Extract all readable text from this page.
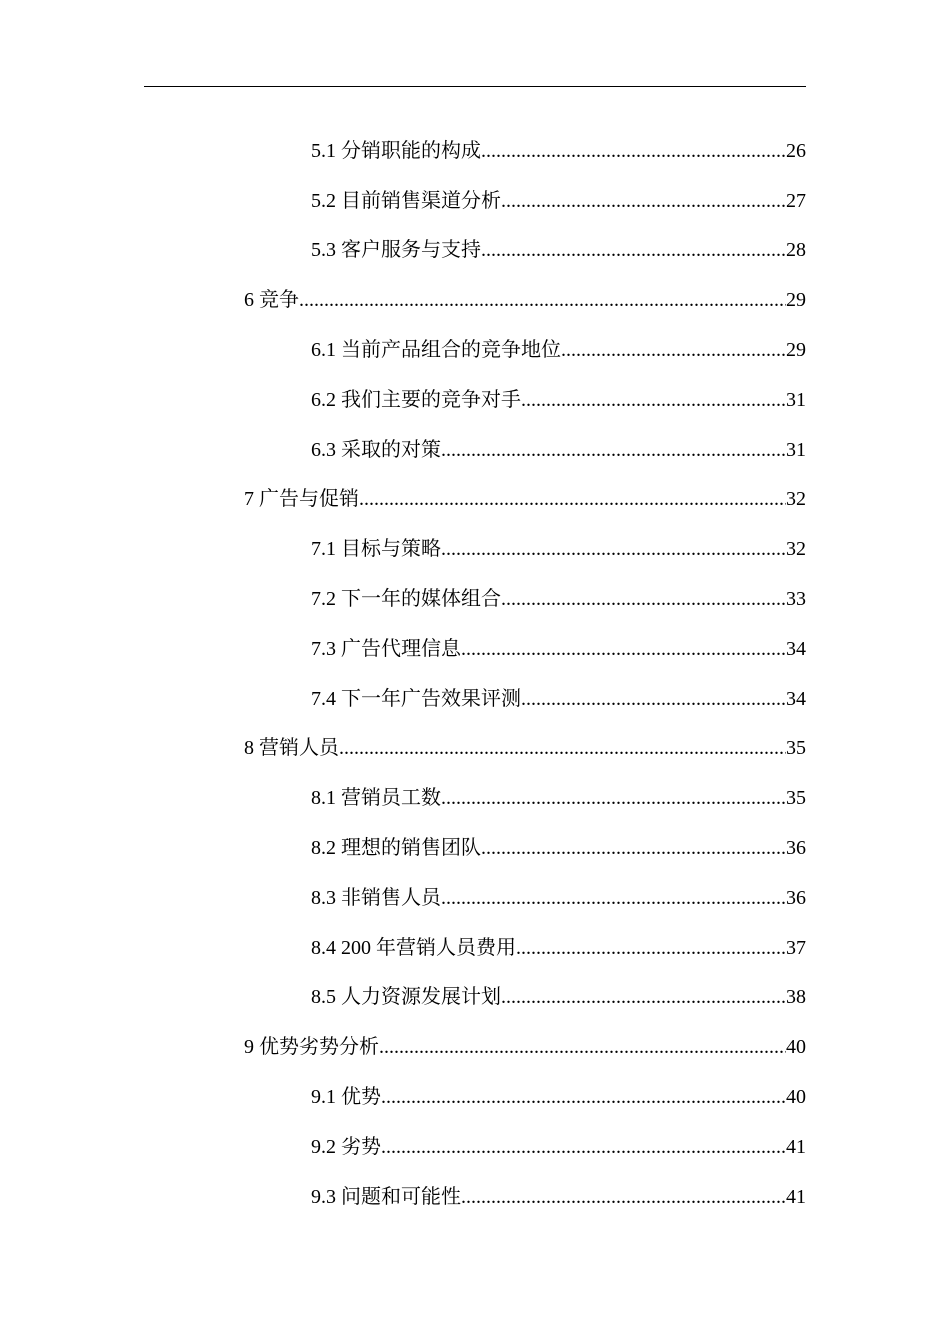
5.1 分销职能的构成 .....	26
5.2 目前销售渠道分析 .....	27
5.3 客户服务与支持 .....	28
6 竞争 .....	29
6.1 当前产品组合的竞争地位 .....	29
6.2 我们主要的竞争对手 .....	31
6.3 采取的对策 .....	31
7 广告与促销 .....	32
7.1 目标与策略 .....	32
7.2 下一年的媒体组合 .....	33
7.3 广告代理信息 .....	34
7.4 下一年广告效果评测 .....	34
8 营销人员 .....	35
8.1 营销员工数 .....	35
8.2 理想的销售团队 .....	36
8.3 非销售人员 .....	36
8.4 200 年营销人员费用 .....	37
8.5 人力资源发展计划 .....	38
9 优势劣势分析 .....	40
9.1 优势 .....	40
9.2 劣势 .....	41
9.3 问题和可能性 .....	41
